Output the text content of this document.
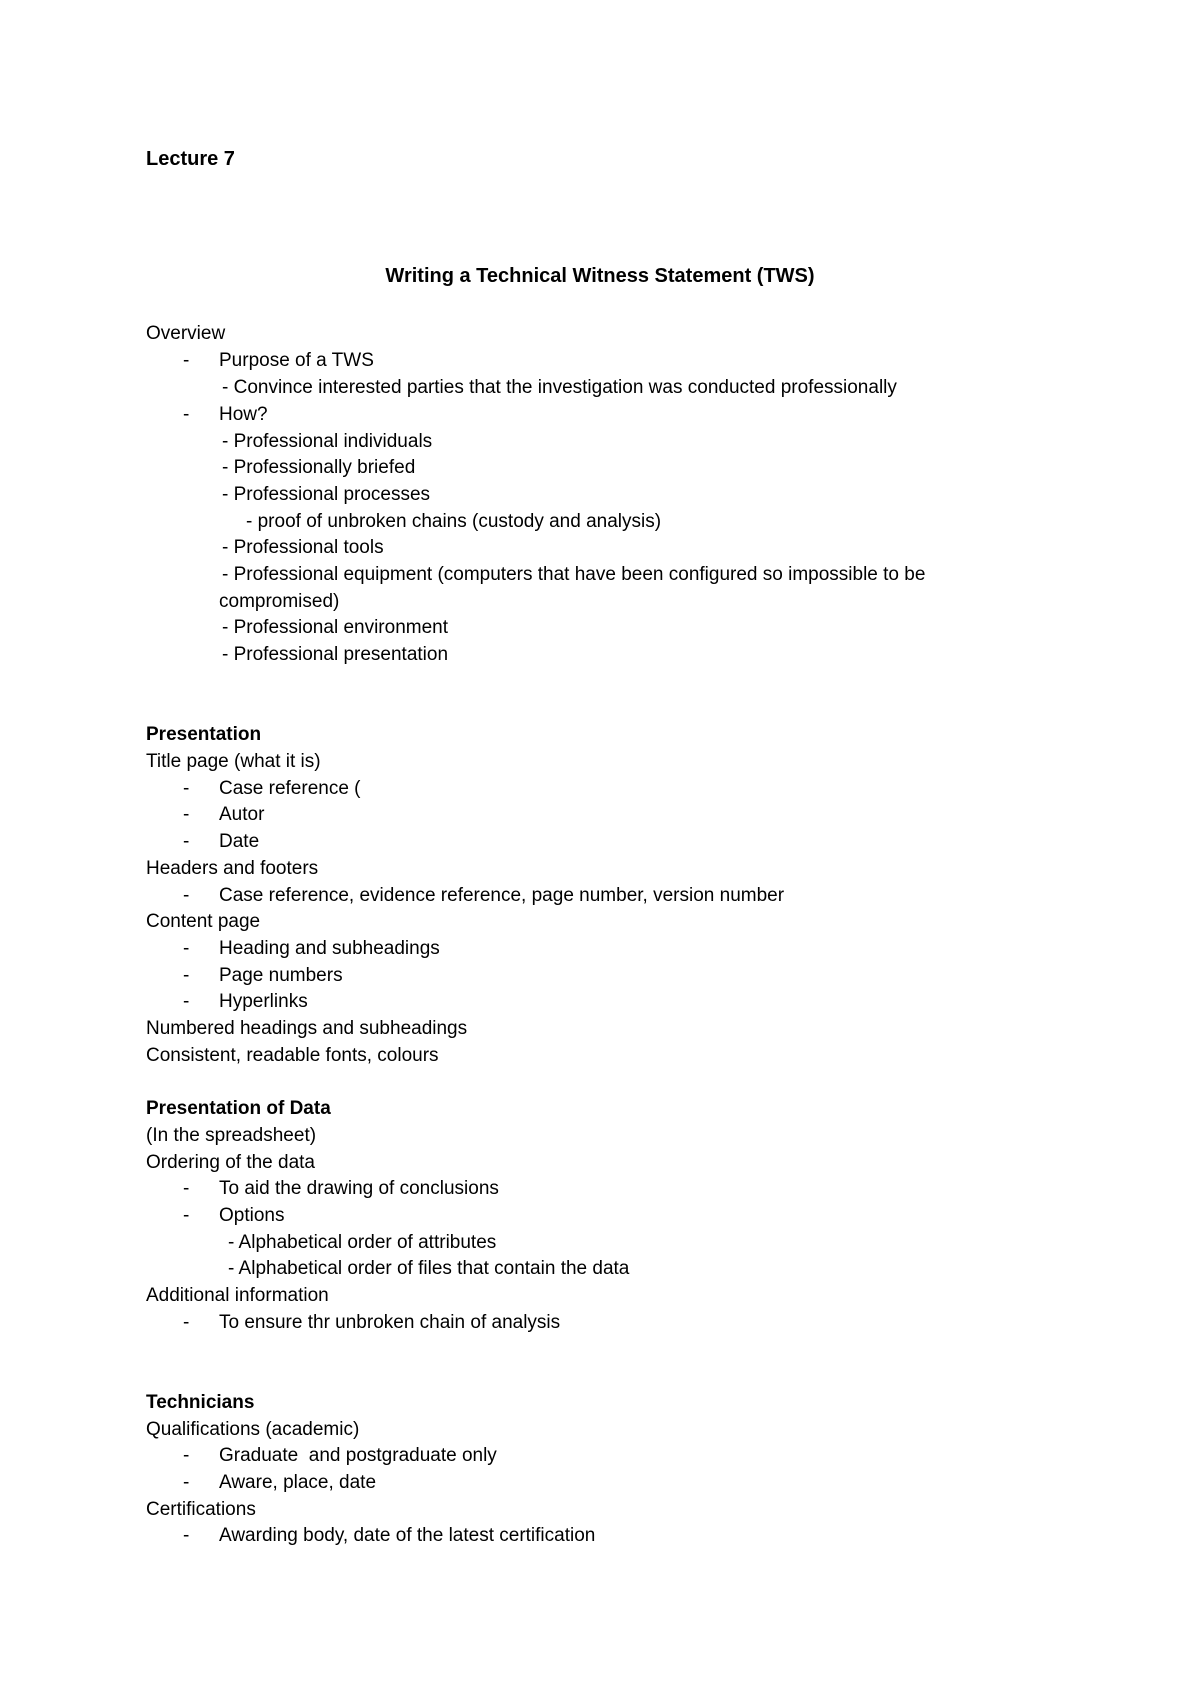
Lecture 7
Writing a Technical Witness Statement (TWS)
Overview
- Purpose of a TWS
- Convince interested parties that the investigation was conducted professionally
- How?
- Professional individuals
- Professionally briefed
- Professional processes
- proof of unbroken chains (custody and analysis)
- Professional tools
- Professional equipment (computers that have been configured so impossible to be
compromised)
- Professional environment
- Professional presentation
Presentation
Title page (what it is)
- Case reference (
- Autor
- Date
Headers and footers
- Case reference, evidence reference, page number, version number
Content page
- Heading and subheadings
- Page numbers
- Hyperlinks
Numbered headings and subheadings
Consistent, readable fonts, colours
Presentation of Data
(In the spreadsheet)
Ordering of the data
- To aid the drawing of conclusions
- Options
- Alphabetical order of attributes
- Alphabetical order of files that contain the data
Additional information
- To ensure thr unbroken chain of analysis
Technicians
Qualifications (academic)
- Graduate  and postgraduate only
- Aware, place, date
Certifications
- Awarding body, date of the latest certification
